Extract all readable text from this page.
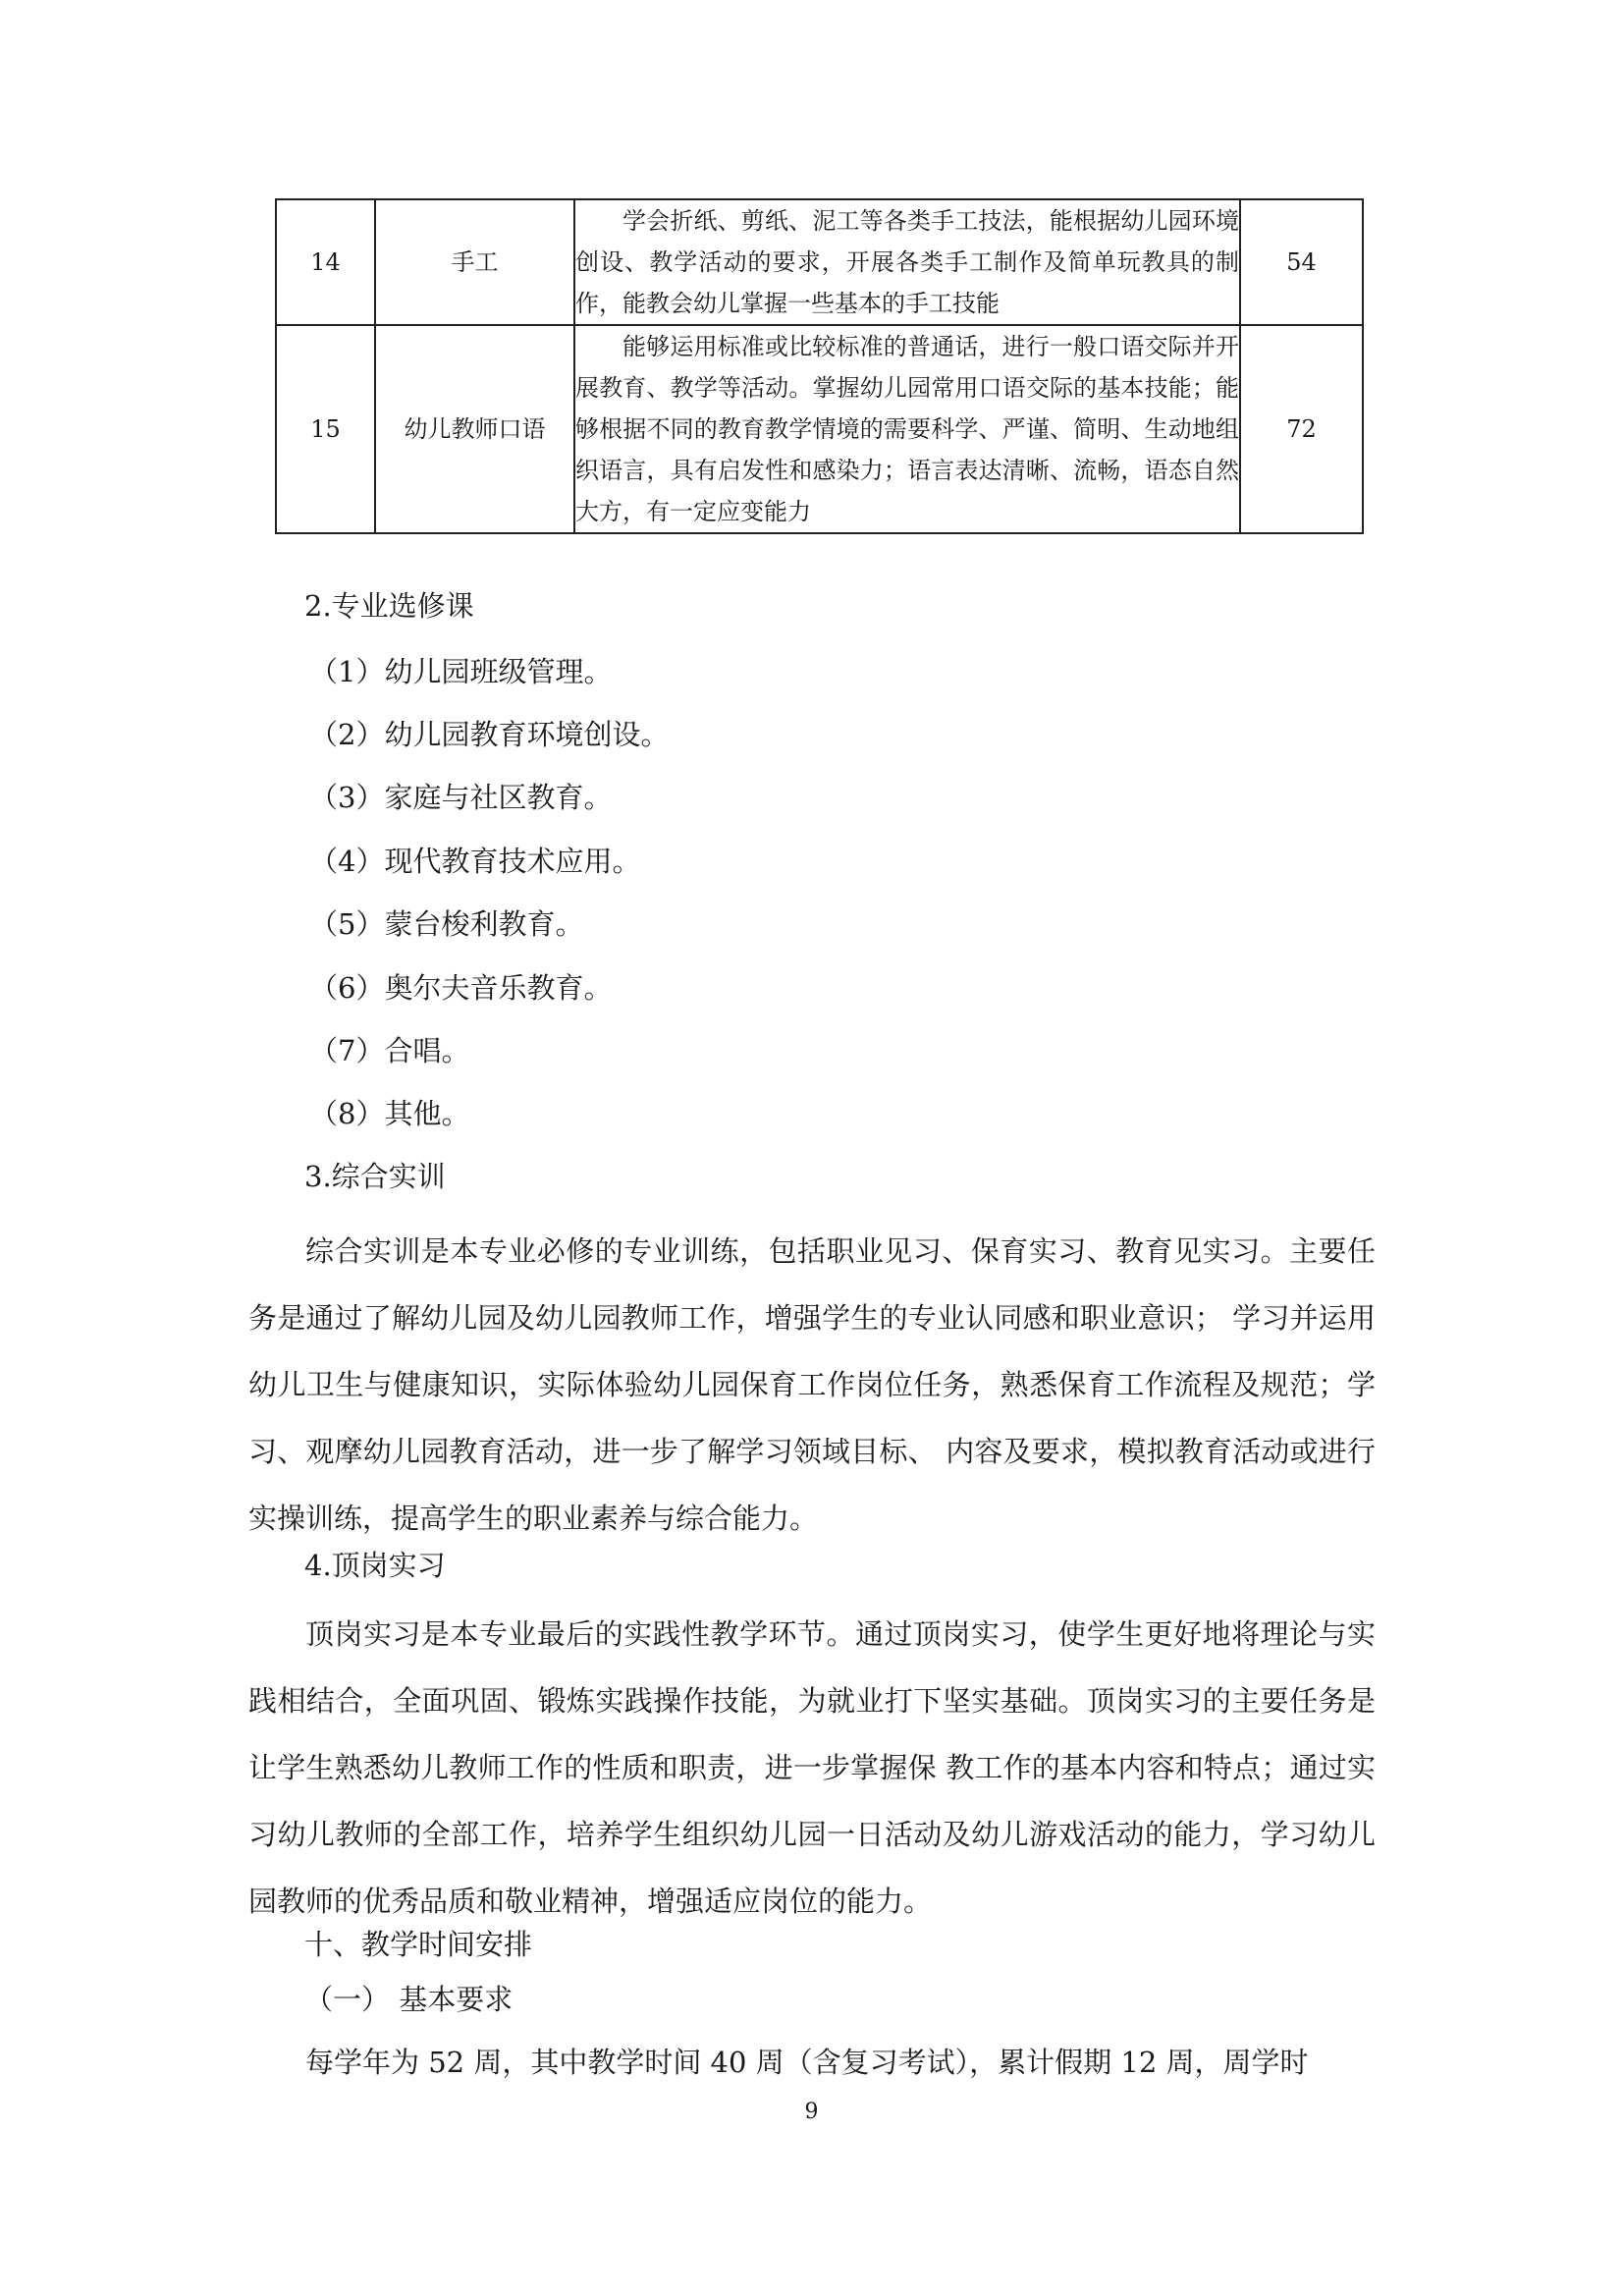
14	手工	学会折纸、剪纸、泥工等各类手工技法，能根据幼儿园环境创设、教学活动的要求，开展各类手工制作及简单玩教具的制作，能教会幼儿掌握一些基本的手工技能	54
15	幼儿教师口语	能够运用标准或比较标准的普通话，进行一般口语交际并开展教育、教学等活动。掌握幼儿园常用口语交际的基本技能；能够根据不同的教育教学情境的需要科学、严谨、简明、生动地组织语言，具有启发性和感染力；语言表达清晰、流畅，语态自然大方，有一定应变能力	72
2.专业选修课
（1）幼儿园班级管理。
（2）幼儿园教育环境创设。
（3）家庭与社区教育。
（4）现代教育技术应用。
（5）蒙台梭利教育。
（6）奥尔夫音乐教育。
（7）合唱。
（8）其他。
3.综合实训
综合实训是本专业必修的专业训练，包括职业见习、保育实习、教育见实习。主要任务是通过了解幼儿园及幼儿园教师工作，增强学生的专业认同感和职业意识； 学习并运用幼儿卫生与健康知识，实际体验幼儿园保育工作岗位任务，熟悉保育工作流程及规范；学习、观摩幼儿园教育活动，进一步了解学习领域目标、 内容及要求，模拟教育活动或进行实操训练，提高学生的职业素养与综合能力。
4.顶岗实习
顶岗实习是本专业最后的实践性教学环节。通过顶岗实习，使学生更好地将理论与实践相结合，全面巩固、锻炼实践操作技能，为就业打下坚实基础。顶岗实习的主要任务是让学生熟悉幼儿教师工作的性质和职责，进一步掌握保 教工作的基本内容和特点；通过实习幼儿教师的全部工作，培养学生组织幼儿园一日活动及幼儿游戏活动的能力，学习幼儿园教师的优秀品质和敬业精神，增强适应岗位的能力。
十、教学时间安排
（一） 基本要求
每学年为 52 周，其中教学时间 40 周（含复习考试），累计假期 12 周，周学时
9
